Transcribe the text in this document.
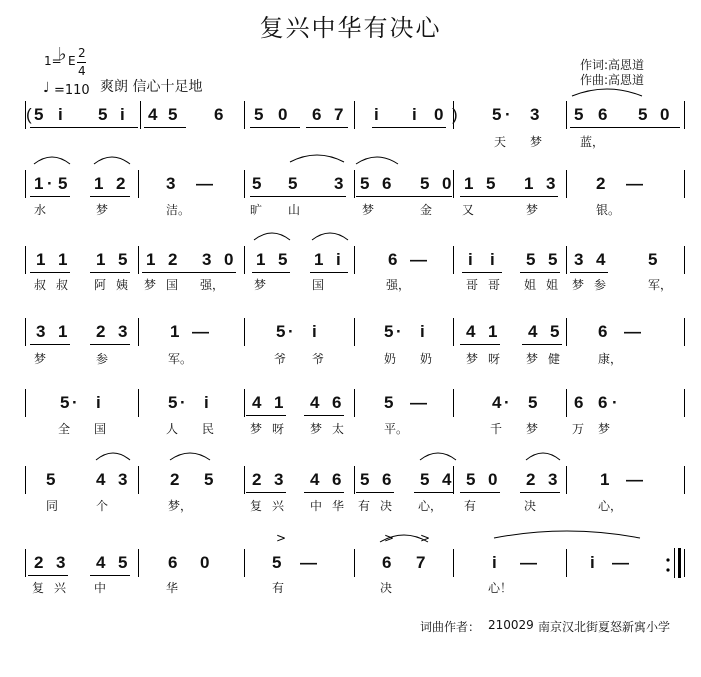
复兴中华有决心
1=
♭ E
2
4
♩ =110 爽朗 信心十足地
作词:高恩道
作曲:高恩道
5 i 5 i 4 5 6 5 0 6 7 i i 0	5 · 3 5 6 5 0
天 梦	蓝，
1 · 5 1 2 3 — 5 5 3 5 6 5 0 1 5 1 3 2 —
水	梦	洁。	旷 山	梦	金 又	梦	银。
1 1 1 5 1 2 3 0 1 5 1 i	6 — i i 5 5 3 4	5
叔 叔 阿 姨 梦 国 强， 梦	国	强，	哥 哥 姐 姐 梦 参	军，
3 1 2 3	1 —	5 · i	5 · i 4 1 4 5 6 —
梦	参	军。	爷 爷	奶 奶	梦 呀 梦 健	康，
5 · i	5 · i	4 1 4 6	5 —	4 · 5 6 6 ·
全 国	人 民	梦 呀 梦 太	平。	千 梦	万 梦
5 4 3	2 5 2 3 4 6 5 6 5 4 5 0 2 3	1 —
同	个	梦，	复 兴 中 华 有 决 心， 有	决	心，
2 3 4 5 6 0	5 —	6 7	i —	i —
复 兴 中	华	有	决	心！
(	)
词曲作者： 210029 南京汉北街夏怒新寓小学
>	> >
